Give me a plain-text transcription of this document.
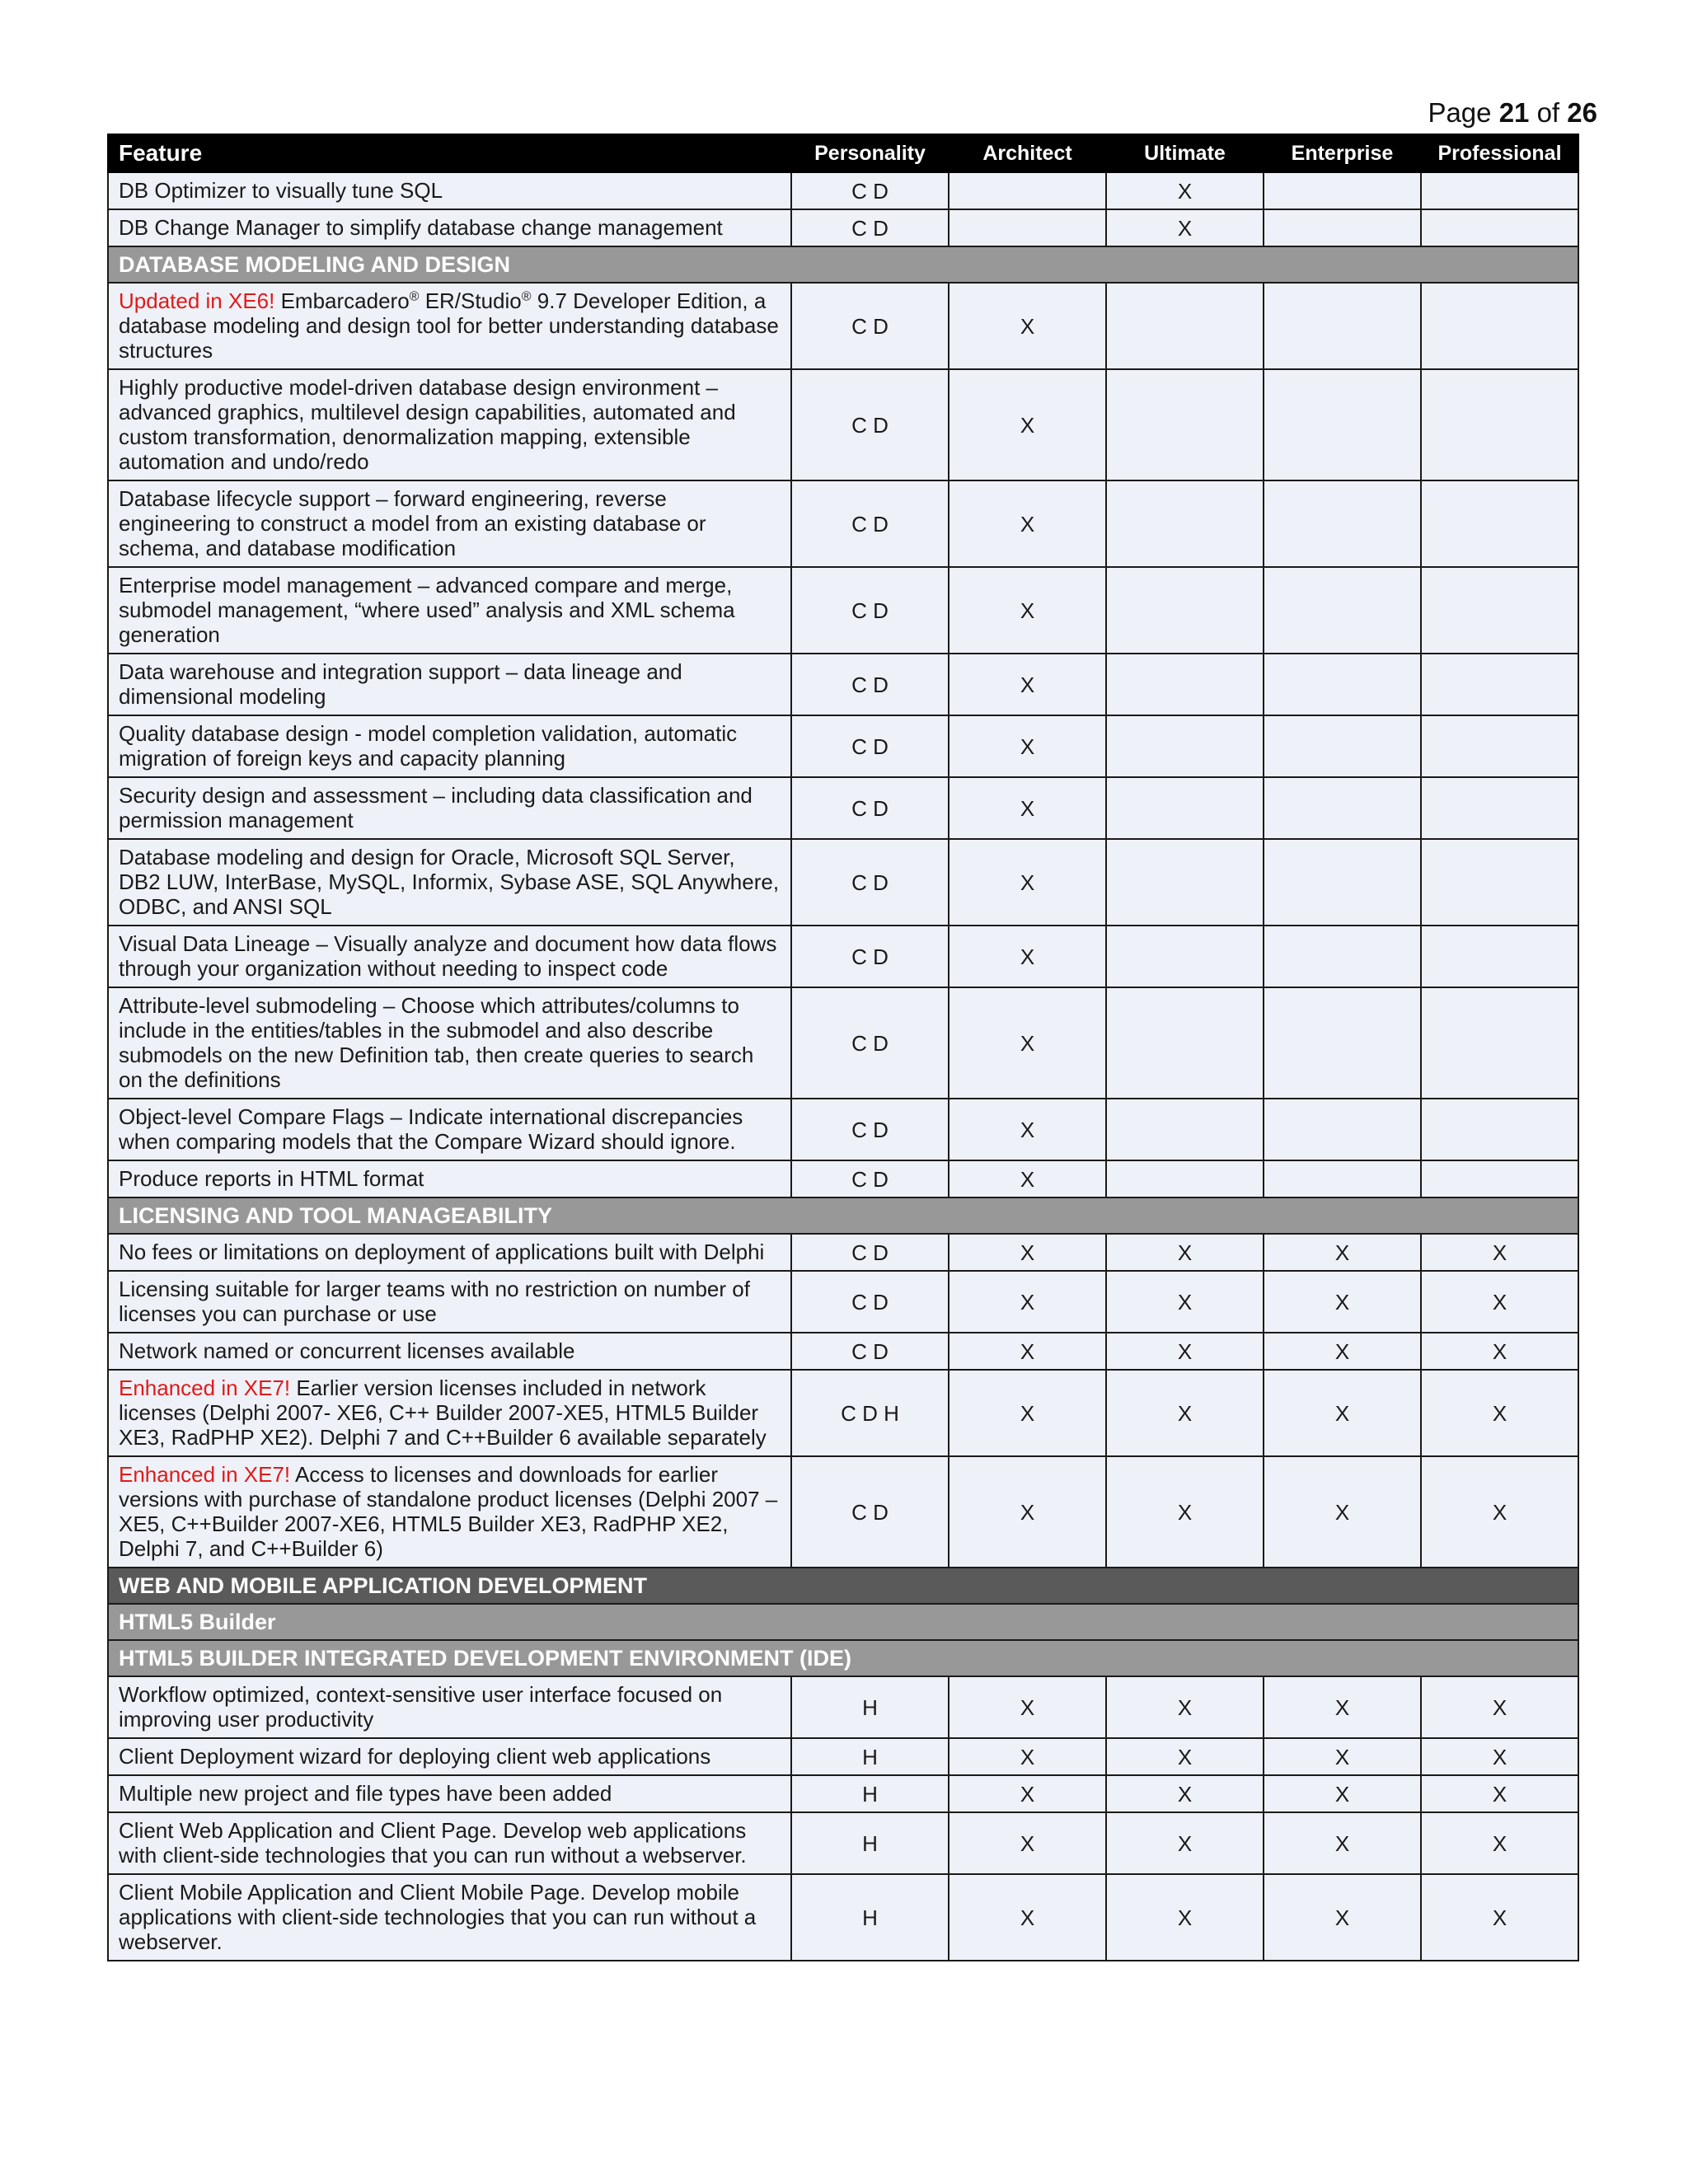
Page 21 of 26
Feature	Personality	Architect	Ultimate	Enterprise	Professional
DB Optimizer to visually tune SQL	C D		X		
DB Change Manager to simplify database change management	C D		X		
DATABASE MODELING AND DESIGN					
Updated in XE6! Embarcadero® ER/Studio® 9.7 Developer Edition, a database modeling and design tool for better understanding database structures	C D	X			
Highly productive model-driven database design environment – advanced graphics, multilevel design capabilities, automated and custom transformation, denormalization mapping, extensible automation and undo/redo	C D	X			
Database lifecycle support – forward engineering, reverse engineering to construct a model from an existing database or schema, and database modification	C D	X			
Enterprise model management – advanced compare and merge, submodel management, “where used” analysis and XML schema generation	C D	X			
Data warehouse and integration support – data lineage and dimensional modeling	C D	X			
Quality database design - model completion validation, automatic migration of foreign keys and capacity planning	C D	X			
Security design and assessment – including data classification and permission management	C D	X			
Database modeling and design for Oracle, Microsoft SQL Server, DB2 LUW, InterBase, MySQL, Informix, Sybase ASE, SQL Anywhere, ODBC, and ANSI SQL	C D	X			
Visual Data Lineage – Visually analyze and document how data flows through your organization without needing to inspect code	C D	X			
Attribute-level submodeling – Choose which attributes/columns to include in the entities/tables in the submodel and also describe submodels on the new Definition tab, then create queries to search on the definitions	C D	X			
Object-level Compare Flags – Indicate international discrepancies when comparing models that the Compare Wizard should ignore.	C D	X			
Produce reports in HTML format	C D	X			
LICENSING AND TOOL MANAGEABILITY					
No fees or limitations on deployment of applications built with Delphi	C D	X	X	X	X
Licensing suitable for larger teams with no restriction on number of licenses you can purchase or use	C D	X	X	X	X
Network named or concurrent licenses available	C D	X	X	X	X
Enhanced in XE7! Earlier version licenses included in network licenses (Delphi 2007- XE6, C++ Builder 2007-XE5, HTML5 Builder XE3, RadPHP XE2). Delphi 7 and C++Builder 6 available separately	C D H	X	X	X	X
Enhanced in XE7! Access to licenses and downloads for earlier versions with purchase of standalone product licenses (Delphi 2007 – XE5, C++Builder 2007-XE6, HTML5 Builder XE3, RadPHP XE2, Delphi 7, and C++Builder 6)	C D	X	X	X	X
WEB AND MOBILE APPLICATION DEVELOPMENT					
HTML5 Builder					
HTML5 BUILDER INTEGRATED DEVELOPMENT ENVIRONMENT (IDE)					
Workflow optimized, context-sensitive user interface focused on improving user productivity	H	X	X	X	X
Client Deployment wizard for deploying client web applications	H	X	X	X	X
Multiple new project and file types have been added	H	X	X	X	X
Client Web Application and Client Page. Develop web applications with client-side technologies that you can run without a webserver.	H	X	X	X	X
Client Mobile Application and Client Mobile Page. Develop mobile applications with client-side technologies that you can run without a webserver.	H	X	X	X	X
